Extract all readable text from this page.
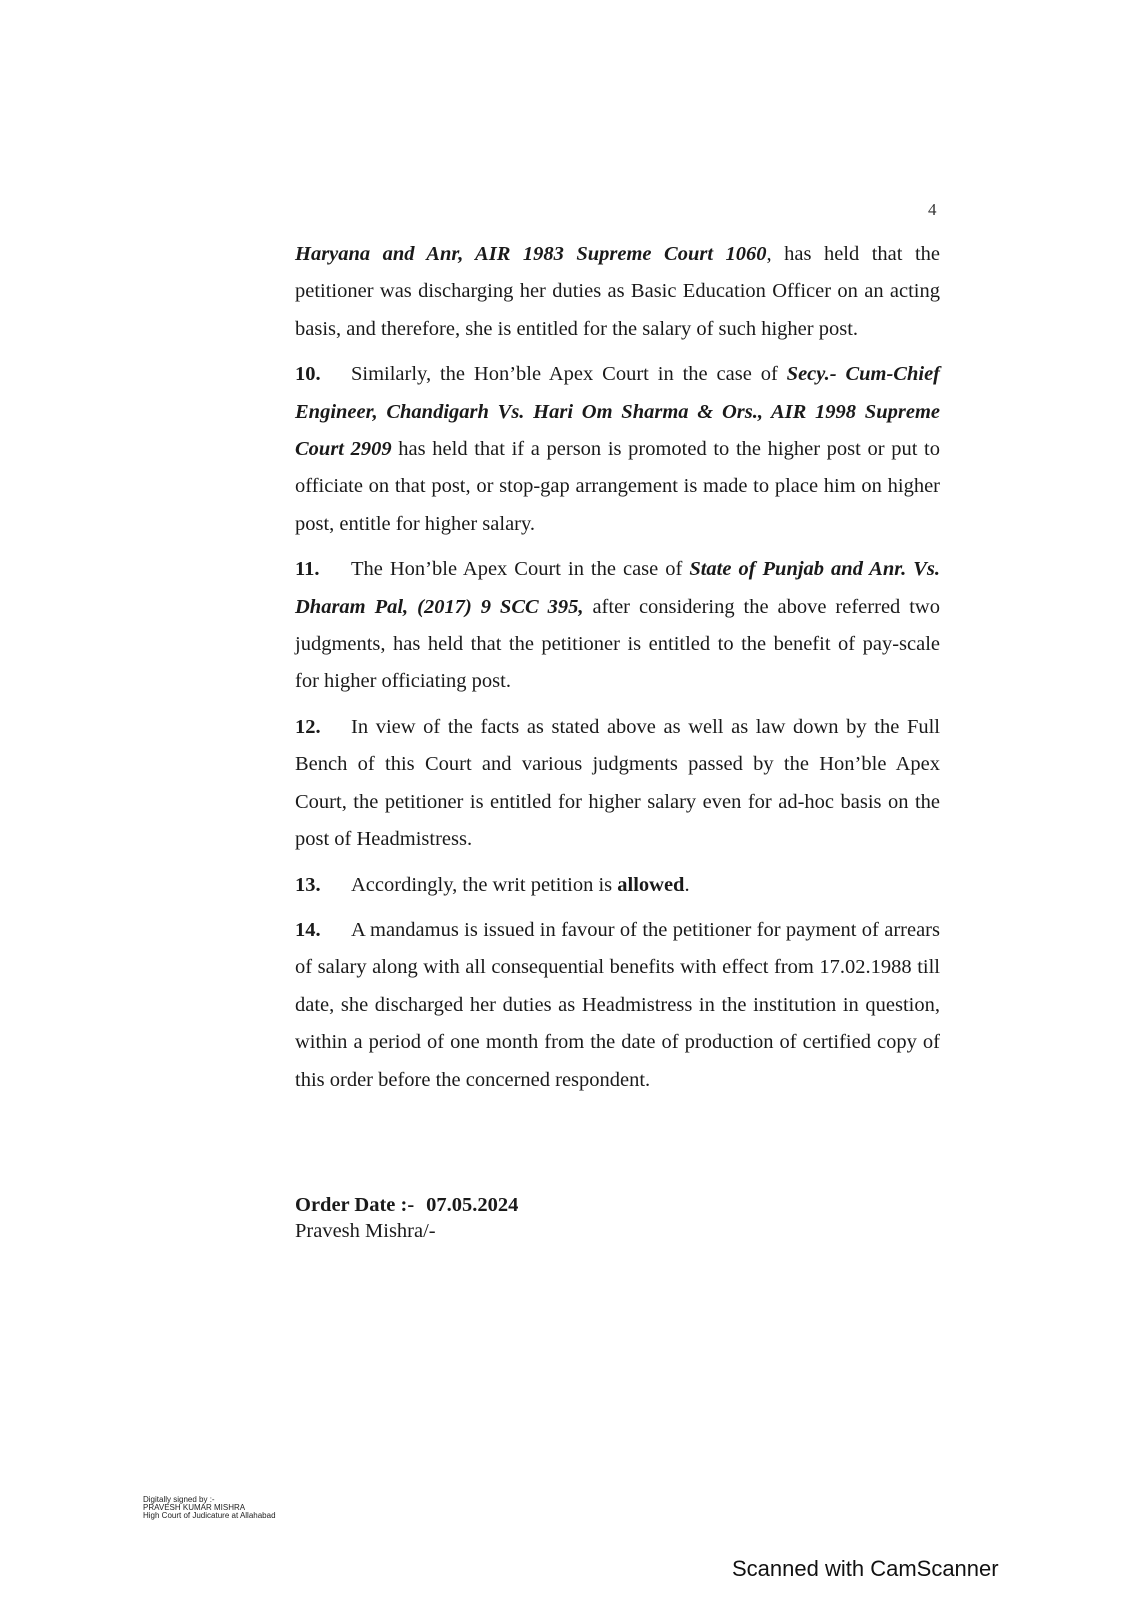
4

Haryana and Anr, AIR 1983 Supreme Court 1060, has held that the petitioner was discharging her duties as Basic Education Officer on an acting basis, and therefore, she is entitled for the salary of such higher post.

10. Similarly, the Hon’ble Apex Court in the case of Secy.- Cum-Chief Engineer, Chandigarh Vs. Hari Om Sharma & Ors., AIR 1998 Supreme Court 2909 has held that if a person is promoted to the higher post or put to officiate on that post, or stop-gap arrangement is made to place him on higher post, entitle for higher salary.

11. The Hon’ble Apex Court in the case of State of Punjab and Anr. Vs. Dharam Pal, (2017) 9 SCC 395, after considering the above referred two judgments, has held that the petitioner is entitled to the benefit of pay-scale for higher officiating post.

12. In view of the facts as stated above as well as law down by the Full Bench of this Court and various judgments passed by the Hon’ble Apex Court, the petitioner is entitled for higher salary even for ad-hoc basis on the post of Headmistress.

13. Accordingly, the writ petition is allowed.

14. A mandamus is issued in favour of the petitioner for payment of arrears of salary along with all consequential benefits with effect from 17.02.1988 till date, she discharged her duties as Headmistress in the institution in question, within a period of one month from the date of production of certified copy of this order before the concerned respondent.

Order Date :- 07.05.2024
Pravesh Mishra/-
Digitally signed by :-
PRAVESH KUMAR MISHRA
High Court of Judicature at Allahabad
Scanned with CamScanner
